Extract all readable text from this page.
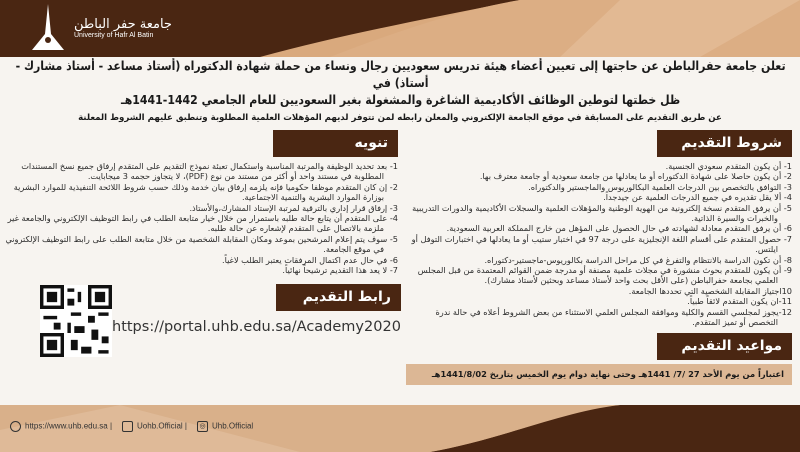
جامعة حفر الباطن
University of Hafr Al Batin
تعلن جامعة حفرالباطن عن حاجتها إلى تعيين أعضاء هيئة تدريس سعوديين رجال ونساء من حملة شهادة الدكتوراه (أستاذ مساعد - أستاذ مشارك - أستاذ) في
ظل خطتها لتوطين الوظائف الأكاديمية الشاغرة والمشغولة بغير السعوديين للعام الجامعي 1442-1441هـ
عن طريق التقديم على المسابقة في موقع الجامعة الإلكتروني والمعلن رابطه لمن تتوفر لديهم المؤهلات العلمية المطلوبة وتنطبق عليهم الشروط المعلنة
تنويه
1- بعد تحديد الوظيفة والمرتبة المناسبة واستكمال تعبئة نموذج التقديم على المتقدم إرفاق جميع نسخ المستندات المطلوبة في مستند واحد أو أكثر من مستند من نوع (PDF)، لا يتجاوز حجمه 3 ميجابايت.
2- إن كان المتقدم موظفا حكوميا فإنه يلزمه إرفاق بيان خدمة وذلك حسب شروط اللائحة التنفيذية للموارد البشرية بوزارة الموارد البشرية والتنمية الاجتماعية.
3- إرفاق قرار إداري بالترقية لمرتبة الإستاد المشارك،والأستاذ.
4- على المتقدم أن يتابع حالة طلبه باستمرار من خلال خيار متابعة الطلب في رابط التوظيف الإلكتروني والجامعة غير ملزمة بالاتصال على المتقدم لإشعاره عن حالة طلبه.
5- سوف يتم إعلام المرشحين بموعد ومكان المقابلة الشخصية من خلال متابعة الطلب على رابط التوظيف الإلكتروني في موقع الجامعة.
6- في حال عدم اكتمال المرفقات يعتبر الطلب لاغياً.
7- لا يعد هذا التقديم ترشيحاً نهائياً.
رابط التقديم
https://portal.uhb.edu.sa/Academy2020
شروط التقديم
1- أن يكون المتقدم سعودي الجنسية.
2- أن يكون حاصلا على شهادة الدكتوراه أو ما يعادلها من جامعة سعودية أو جامعة معترف بها.
3- التوافق بالتخصص بين الدرجات العلمية البكالوريوس والماجستير والدكتوراه.
4- ألا يقل تقديره في جميع الدرجات العلمية عن جيدجداً.
5- أن يرفق المتقدم نسخة إلكترونية من الهوية الوطنية والمؤهلات العلمية والسجلات الأكاديمية والدورات التدريبية والخبرات والسيرة الذاتية.
6- أن يرفق المتقدم معادلة لشهادته في حال الحصول على المؤهل من خارج المملكة العربية السعودية.
7- حصول المتقدم على أقسام اللغة الإنجليزية على درجة 97 في اختبار ستيب أو ما يعادلها في اختبارات التوفل أو ايلتس.
8- أن تكون الدراسة بالانتظام والتفرغ في كل مراحل الدراسة بكالوريوس-ماجستير-دكتوراه.
9- أن يكون للمتقدم بحوث منشورة في مجلات علمية مصنفة أو مدرجة ضمن القوائم المعتمدة من قبل المجلس العلمي بجامعة حفرالباطن (على الأقل بحث واحد لأستاذ مساعد وبحثين لأستاذ مشارك).
10اجتياز المقابلة الشخصية التي تحددها الجامعة.
11-ان يكون المتقدم لائقاً طبياً.
12-يجوز لمجلسي القسم والكلية وموافقة المجلس العلمي الاستثناء من بعض الشروط أعلاه في حالة ندرة التخصص أو تميز المتقدم.
مواعيد التقديم
اعتباراً من يوم الأحد 27 /7/ 1441هـ وحتى نهاية دوام يوم الخميس بتاريخ 1441/8/02هـ
https://www.uhb.edu.sa |	Uohb.Official |	◎ Uhb.Official
